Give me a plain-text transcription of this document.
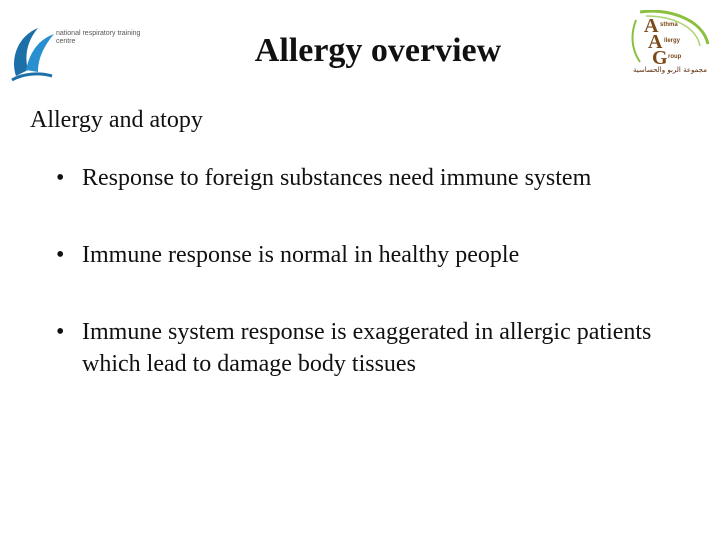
national respiratory training centre
A
A
G
sthma
llergy
roup
مجموعة الربو والحساسية
Allergy overview
Allergy and atopy
• Response to foreign substances need immune system
• Immune response is normal in healthy people
• Immune system response is exaggerated in allergic patients which lead to damage body tissues
